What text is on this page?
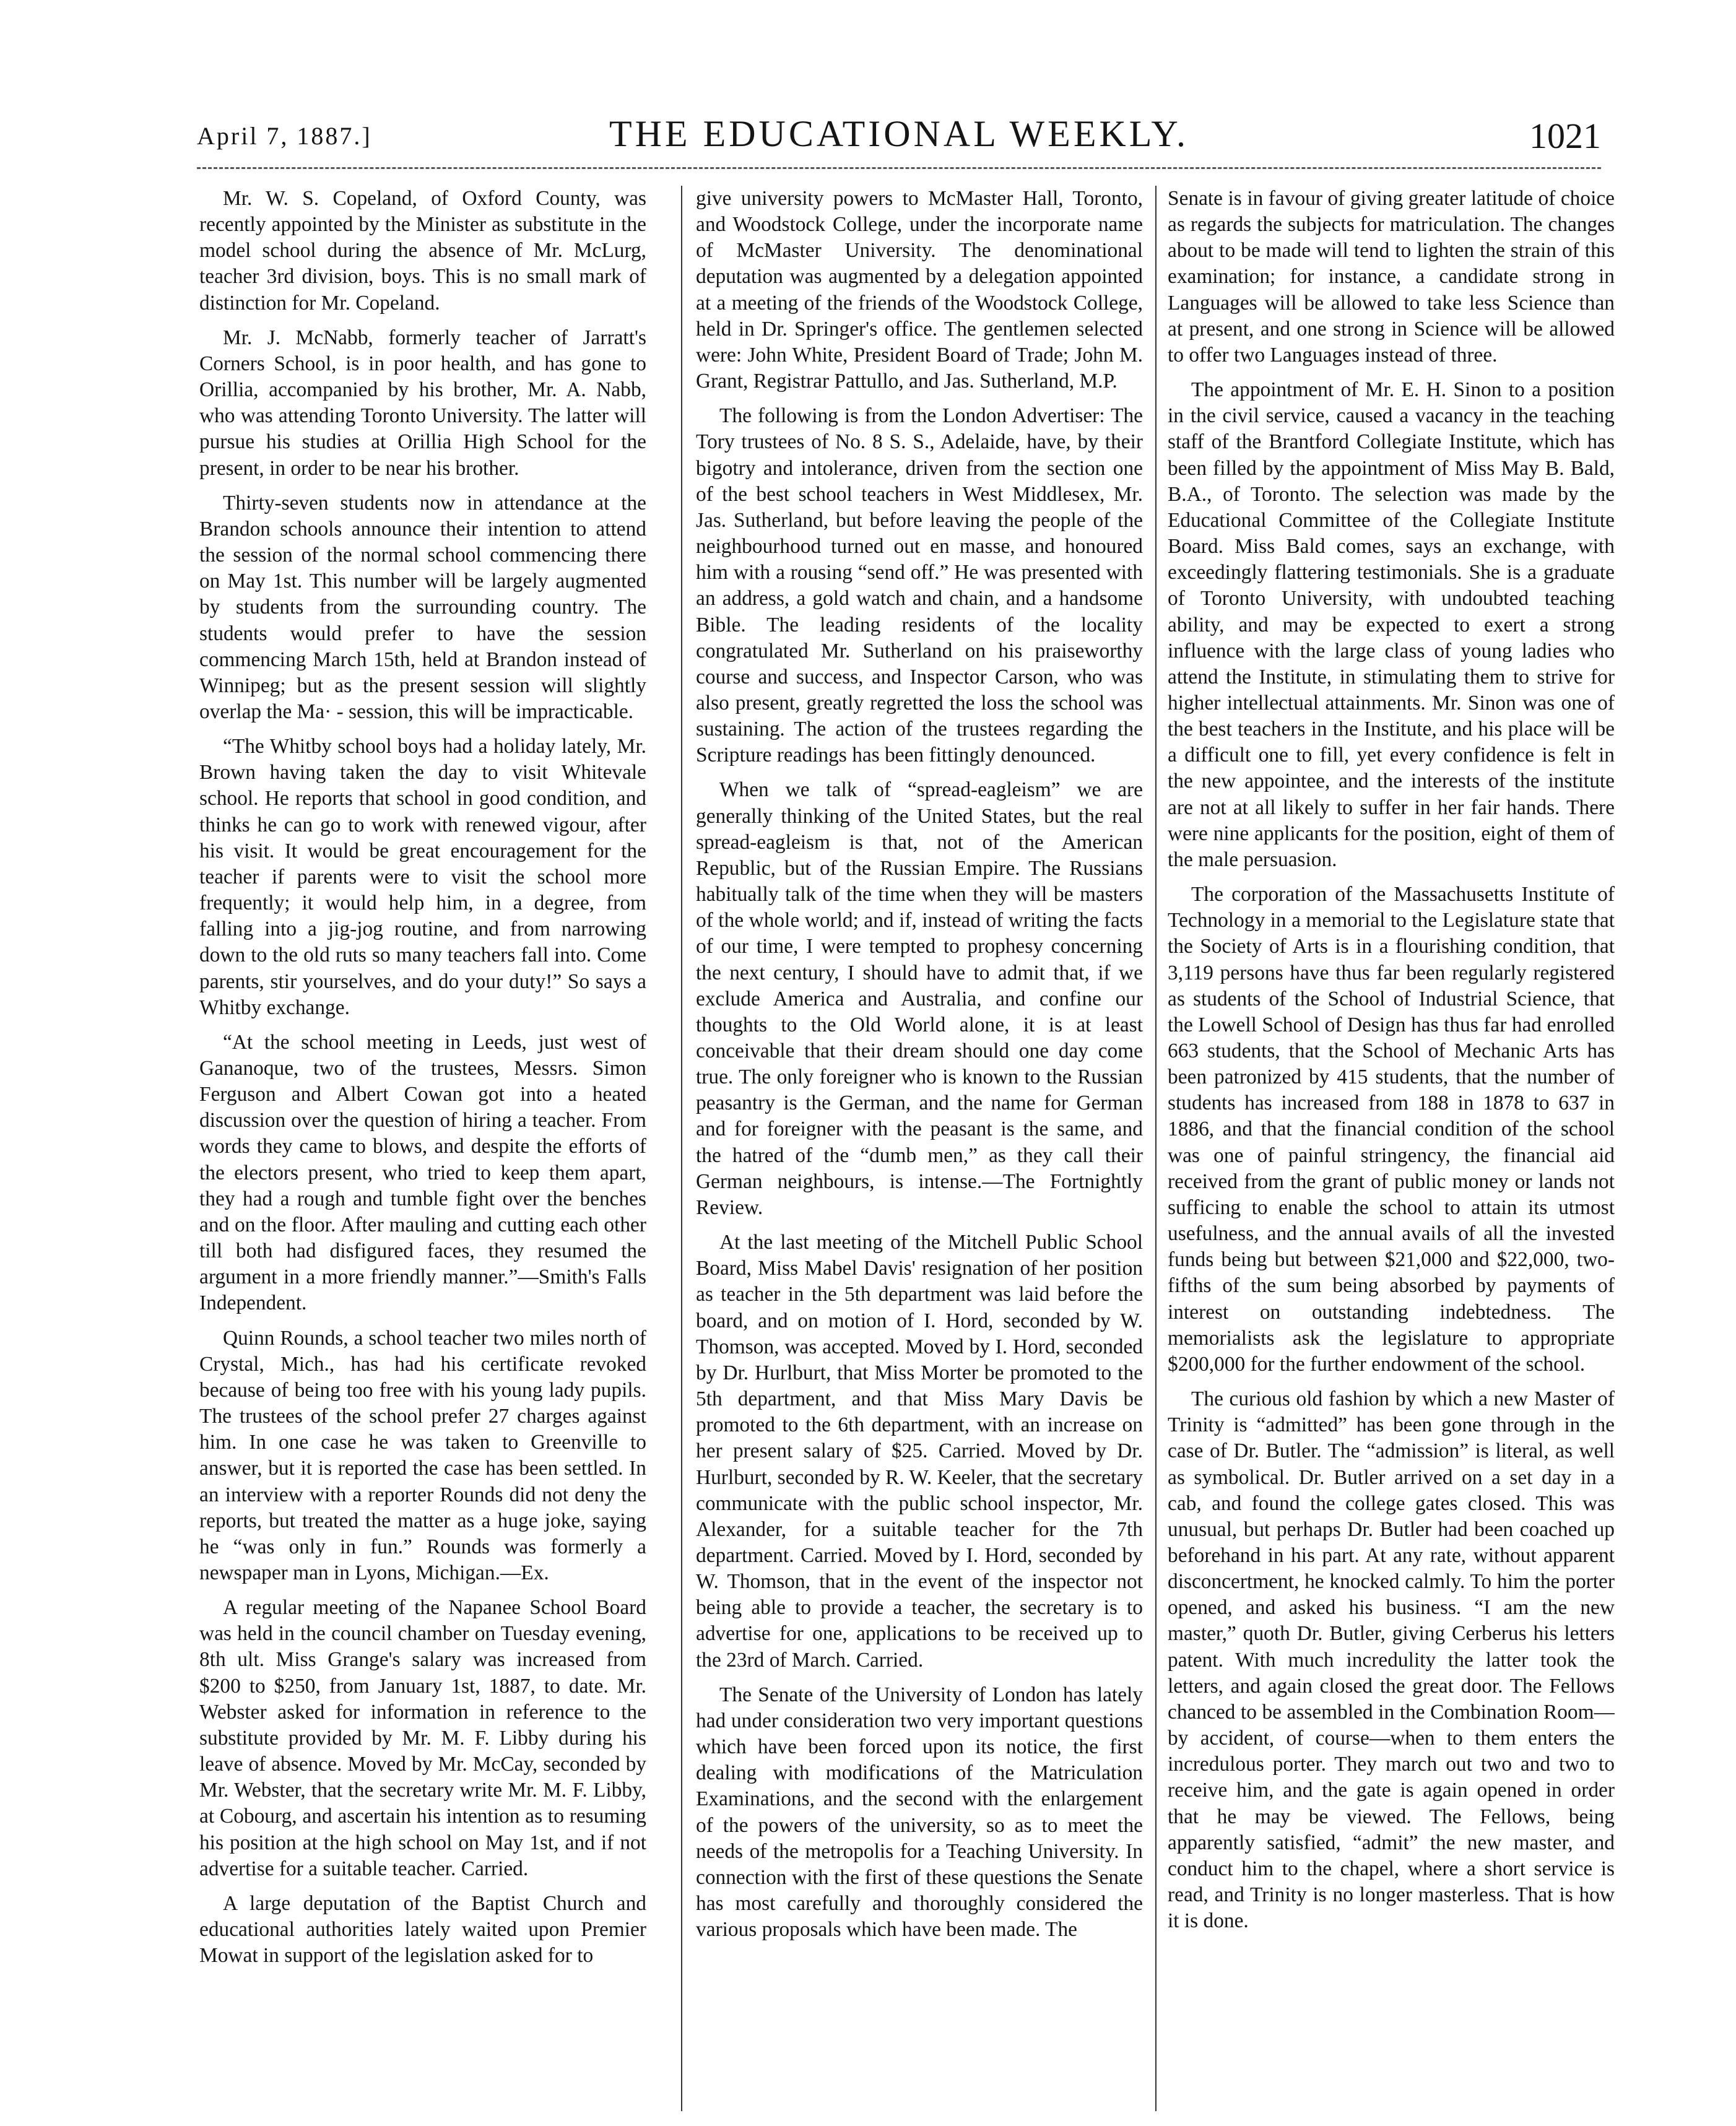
April 7, 1887.]	THE EDUCATIONAL WEEKLY.	1021

Mr. W. S. Copeland, of Oxford County, was recently appointed by the Minister as substitute in the model school during the absence of Mr. McLurg, teacher 3rd division, boys. This is no small mark of distinction for Mr. Copeland.

Mr. J. McNabb, formerly teacher of Jarratt's Corners School, is in poor health, and has gone to Orillia, accompanied by his brother, Mr. A. Nabb, who was attending Toronto University. The latter will pursue his studies at Orillia High School for the present, in order to be near his brother.

Thirty-seven students now in attendance at the Brandon schools announce their intention to attend the session of the normal school commencing there on May 1st. This number will be largely augmented by students from the surrounding country. The students would prefer to have the session commencing March 15th, held at Brandon instead of Winnipeg; but as the present session will slightly overlap the Ma· - session, this will be impracticable.

“The Whitby school boys had a holiday lately, Mr. Brown having taken the day to visit Whitevale school. He reports that school in good condition, and thinks he can go to work with renewed vigour, after his visit. It would be great encouragement for the teacher if parents were to visit the school more frequently; it would help him, in a degree, from falling into a jig-jog routine, and from narrowing down to the old ruts so many teachers fall into. Come parents, stir yourselves, and do your duty!” So says a Whitby exchange.

“At the school meeting in Leeds, just west of Gananoque, two of the trustees, Messrs. Simon Ferguson and Albert Cowan got into a heated discussion over the question of hiring a teacher. From words they came to blows, and despite the efforts of the electors present, who tried to keep them apart, they had a rough and tumble fight over the benches and on the floor. After mauling and cutting each other till both had disfigured faces, they resumed the argument in a more friendly manner.”—Smith's Falls Independent.

Quinn Rounds, a school teacher two miles north of Crystal, Mich., has had his certificate revoked because of being too free with his young lady pupils. The trustees of the school prefer 27 charges against him. In one case he was taken to Greenville to answer, but it is reported the case has been settled. In an interview with a reporter Rounds did not deny the reports, but treated the matter as a huge joke, saying he “was only in fun.” Rounds was formerly a newspaper man in Lyons, Michigan.—Ex.

A regular meeting of the Napanee School Board was held in the council chamber on Tuesday evening, 8th ult. Miss Grange's salary was increased from $200 to $250, from January 1st, 1887, to date. Mr. Webster asked for information in reference to the substitute provided by Mr. M. F. Libby during his leave of absence. Moved by Mr. McCay, seconded by Mr. Webster, that the secretary write Mr. M. F. Libby, at Cobourg, and ascertain his intention as to resuming his position at the high school on May 1st, and if not advertise for a suitable teacher. Carried.

A large deputation of the Baptist Church and educational authorities lately waited upon Premier Mowat in support of the legislation asked for to

give university powers to McMaster Hall, Toronto, and Woodstock College, under the incorporate name of McMaster University. The denominational deputation was augmented by a delegation appointed at a meeting of the friends of the Woodstock College, held in Dr. Springer's office. The gentlemen selected were: John White, President Board of Trade; John M. Grant, Registrar Pattullo, and Jas. Sutherland, M.P.

The following is from the London Advertiser: The Tory trustees of No. 8 S. S., Adelaide, have, by their bigotry and intolerance, driven from the section one of the best school teachers in West Middlesex, Mr. Jas. Sutherland, but before leaving the people of the neighbourhood turned out en masse, and honoured him with a rousing “send off.” He was presented with an address, a gold watch and chain, and a handsome Bible. The leading residents of the locality congratulated Mr. Sutherland on his praiseworthy course and success, and Inspector Carson, who was also present, greatly regretted the loss the school was sustaining. The action of the trustees regarding the Scripture readings has been fittingly denounced.

When we talk of “spread-eagleism” we are generally thinking of the United States, but the real spread-eagleism is that, not of the American Republic, but of the Russian Empire. The Russians habitually talk of the time when they will be masters of the whole world; and if, instead of writing the facts of our time, I were tempted to prophesy concerning the next century, I should have to admit that, if we exclude America and Australia, and confine our thoughts to the Old World alone, it is at least conceivable that their dream should one day come true. The only foreigner who is known to the Russian peasantry is the German, and the name for German and for foreigner with the peasant is the same, and the hatred of the “dumb men,” as they call their German neighbours, is intense.—The Fortnightly Review.

At the last meeting of the Mitchell Public School Board, Miss Mabel Davis' resignation of her position as teacher in the 5th department was laid before the board, and on motion of I. Hord, seconded by W. Thomson, was accepted. Moved by I. Hord, seconded by Dr. Hurlburt, that Miss Morter be promoted to the 5th department, and that Miss Mary Davis be promoted to the 6th department, with an increase on her present salary of $25. Carried. Moved by Dr. Hurlburt, seconded by R. W. Keeler, that the secretary communicate with the public school inspector, Mr. Alexander, for a suitable teacher for the 7th department. Carried. Moved by I. Hord, seconded by W. Thomson, that in the event of the inspector not being able to provide a teacher, the secretary is to advertise for one, applications to be received up to the 23rd of March. Carried.

The Senate of the University of London has lately had under consideration two very important questions which have been forced upon its notice, the first dealing with modifications of the Matriculation Examinations, and the second with the enlargement of the powers of the university, so as to meet the needs of the metropolis for a Teaching University. In connection with the first of these questions the Senate has most carefully and thoroughly considered the various proposals which have been made. The

Senate is in favour of giving greater latitude of choice as regards the subjects for matriculation. The changes about to be made will tend to lighten the strain of this examination; for instance, a candidate strong in Languages will be allowed to take less Science than at present, and one strong in Science will be allowed to offer two Languages instead of three.

The appointment of Mr. E. H. Sinon to a position in the civil service, caused a vacancy in the teaching staff of the Brantford Collegiate Institute, which has been filled by the appointment of Miss May B. Bald, B.A., of Toronto. The selection was made by the Educational Committee of the Collegiate Institute Board. Miss Bald comes, says an exchange, with exceedingly flattering testimonials. She is a graduate of Toronto University, with undoubted teaching ability, and may be expected to exert a strong influence with the large class of young ladies who attend the Institute, in stimulating them to strive for higher intellectual attainments. Mr. Sinon was one of the best teachers in the Institute, and his place will be a difficult one to fill, yet every confidence is felt in the new appointee, and the interests of the institute are not at all likely to suffer in her fair hands. There were nine applicants for the position, eight of them of the male persuasion.

The corporation of the Massachusetts Institute of Technology in a memorial to the Legislature state that the Society of Arts is in a flourishing condition, that 3,119 persons have thus far been regularly registered as students of the School of Industrial Science, that the Lowell School of Design has thus far had enrolled 663 students, that the School of Mechanic Arts has been patronized by 415 students, that the number of students has increased from 188 in 1878 to 637 in 1886, and that the financial condition of the school was one of painful stringency, the financial aid received from the grant of public money or lands not sufficing to enable the school to attain its utmost usefulness, and the annual avails of all the invested funds being but between $21,000 and $22,000, two-fifths of the sum being absorbed by payments of interest on outstanding indebtedness. The memorialists ask the legislature to appropriate $200,000 for the further endowment of the school.

The curious old fashion by which a new Master of Trinity is “admitted” has been gone through in the case of Dr. Butler. The “admission” is literal, as well as symbolical. Dr. Butler arrived on a set day in a cab, and found the college gates closed. This was unusual, but perhaps Dr. Butler had been coached up beforehand in his part. At any rate, without apparent disconcertment, he knocked calmly. To him the porter opened, and asked his business. “I am the new master,” quoth Dr. Butler, giving Cerberus his letters patent. With much incredulity the latter took the letters, and again closed the great door. The Fellows chanced to be assembled in the Combination Room—by accident, of course—when to them enters the incredulous porter. They march out two and two to receive him, and the gate is again opened in order that he may be viewed. The Fellows, being apparently satisfied, “admit” the new master, and conduct him to the chapel, where a short service is read, and Trinity is no longer masterless. That is how it is done.
